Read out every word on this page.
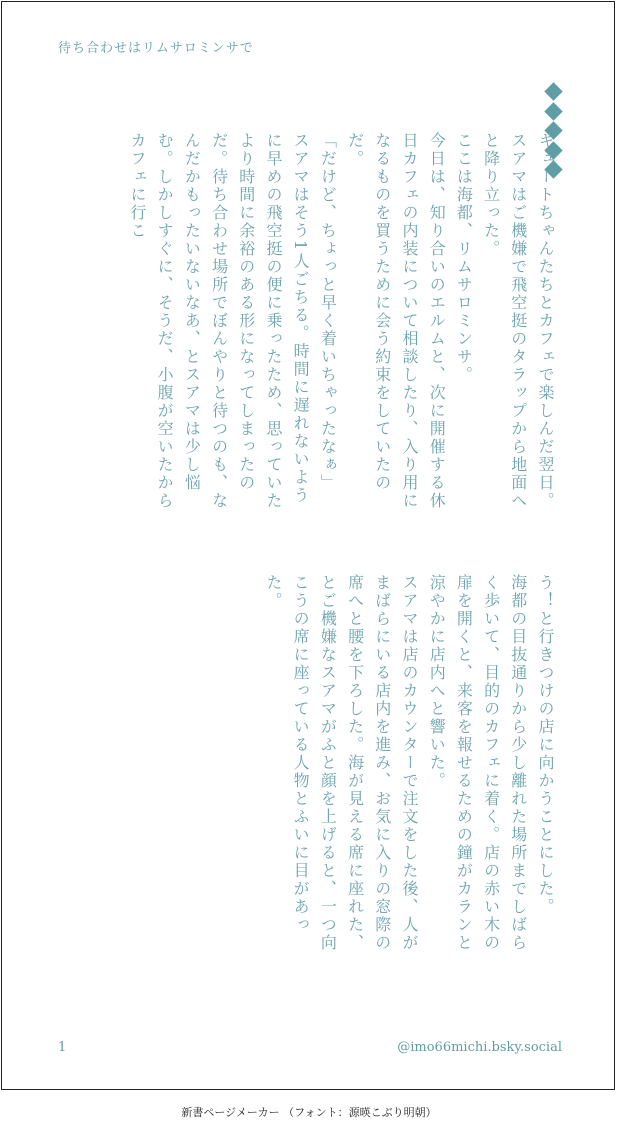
待ち合わせはリムサロミンサで

キュートちゃんたちとカフェで楽しんだ翌日。

スアマはご機嫌で飛空挺のタラップから地面へと降り立った。

ここは海都、リムサロミンサ。

今日は、知り合いのエルムと、次に開催する休日カフェの内装について相談したり、入り用になるものを買うために会う約束をしていたのだ。

「だけど、ちょっと早く着いちゃったなぁ」

スアマはそう1人ごちる。時間に遅れないように早めの飛空挺の便に乗ったため、思っていたより時間に余裕のある形になってしまったのだ。待ち合わせ場所でぼんやりと待つのも、なんだかもったいないなあ、とスアマは少し悩む。しかしすぐに、そうだ、小腹が空いたからカフェに行こ

う！と行きつけの店に向かうことにした。

海都の目抜通りから少し離れた場所までしばらく歩いて、目的のカフェに着く。店の赤い木の扉を開くと、来客を報せるための鐘がカランと涼やかに店内へと響いた。

スアマは店のカウンターで注文をした後、人がまばらにいる店内を進み、お気に入りの窓際の席へと腰を下ろした。海が見える席に座れた、とご機嫌なスアマがふと顔を上げると、一つ向こうの席に座っている人物とふいに目があった。

1	@imo66michi.bsky.social
新書ページメーカー （フォント：源暎こぶり明朝）
